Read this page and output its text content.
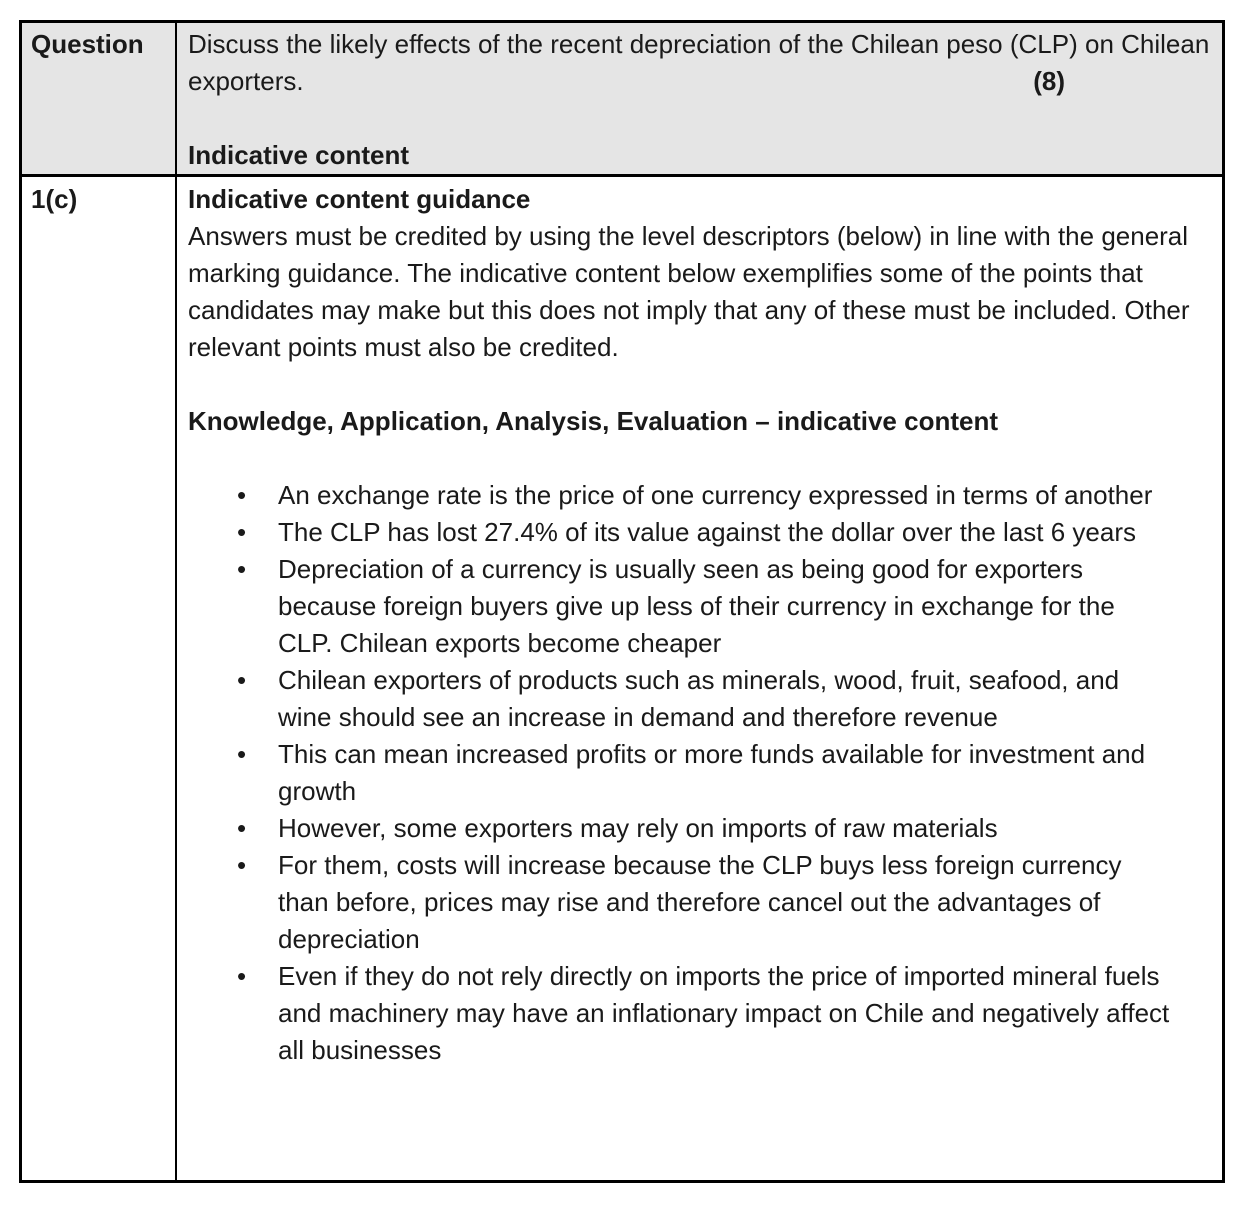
Question	Discuss the likely effects of the recent depreciation of the Chilean peso (CLP) on Chilean exporters.	(8)

Indicative content

1(c)	Indicative content guidance

Answers must be credited by using the level descriptors (below) in line with the general marking guidance. The indicative content below exemplifies some of the points that candidates may make but this does not imply that any of these must be included. Other relevant points must also be credited.

Knowledge, Application, Analysis, Evaluation – indicative content

• An exchange rate is the price of one currency expressed in terms of another
• The CLP has lost 27.4% of its value against the dollar over the last 6 years
• Depreciation of a currency is usually seen as being good for exporters because foreign buyers give up less of their currency in exchange for the CLP. Chilean exports become cheaper
• Chilean exporters of products such as minerals, wood, fruit, seafood, and wine should see an increase in demand and therefore revenue
• This can mean increased profits or more funds available for investment and growth
• However, some exporters may rely on imports of raw materials
• For them, costs will increase because the CLP buys less foreign currency than before, prices may rise and therefore cancel out the advantages of depreciation
• Even if they do not rely directly on imports the price of imported mineral fuels and machinery may have an inflationary impact on Chile and negatively affect all businesses
